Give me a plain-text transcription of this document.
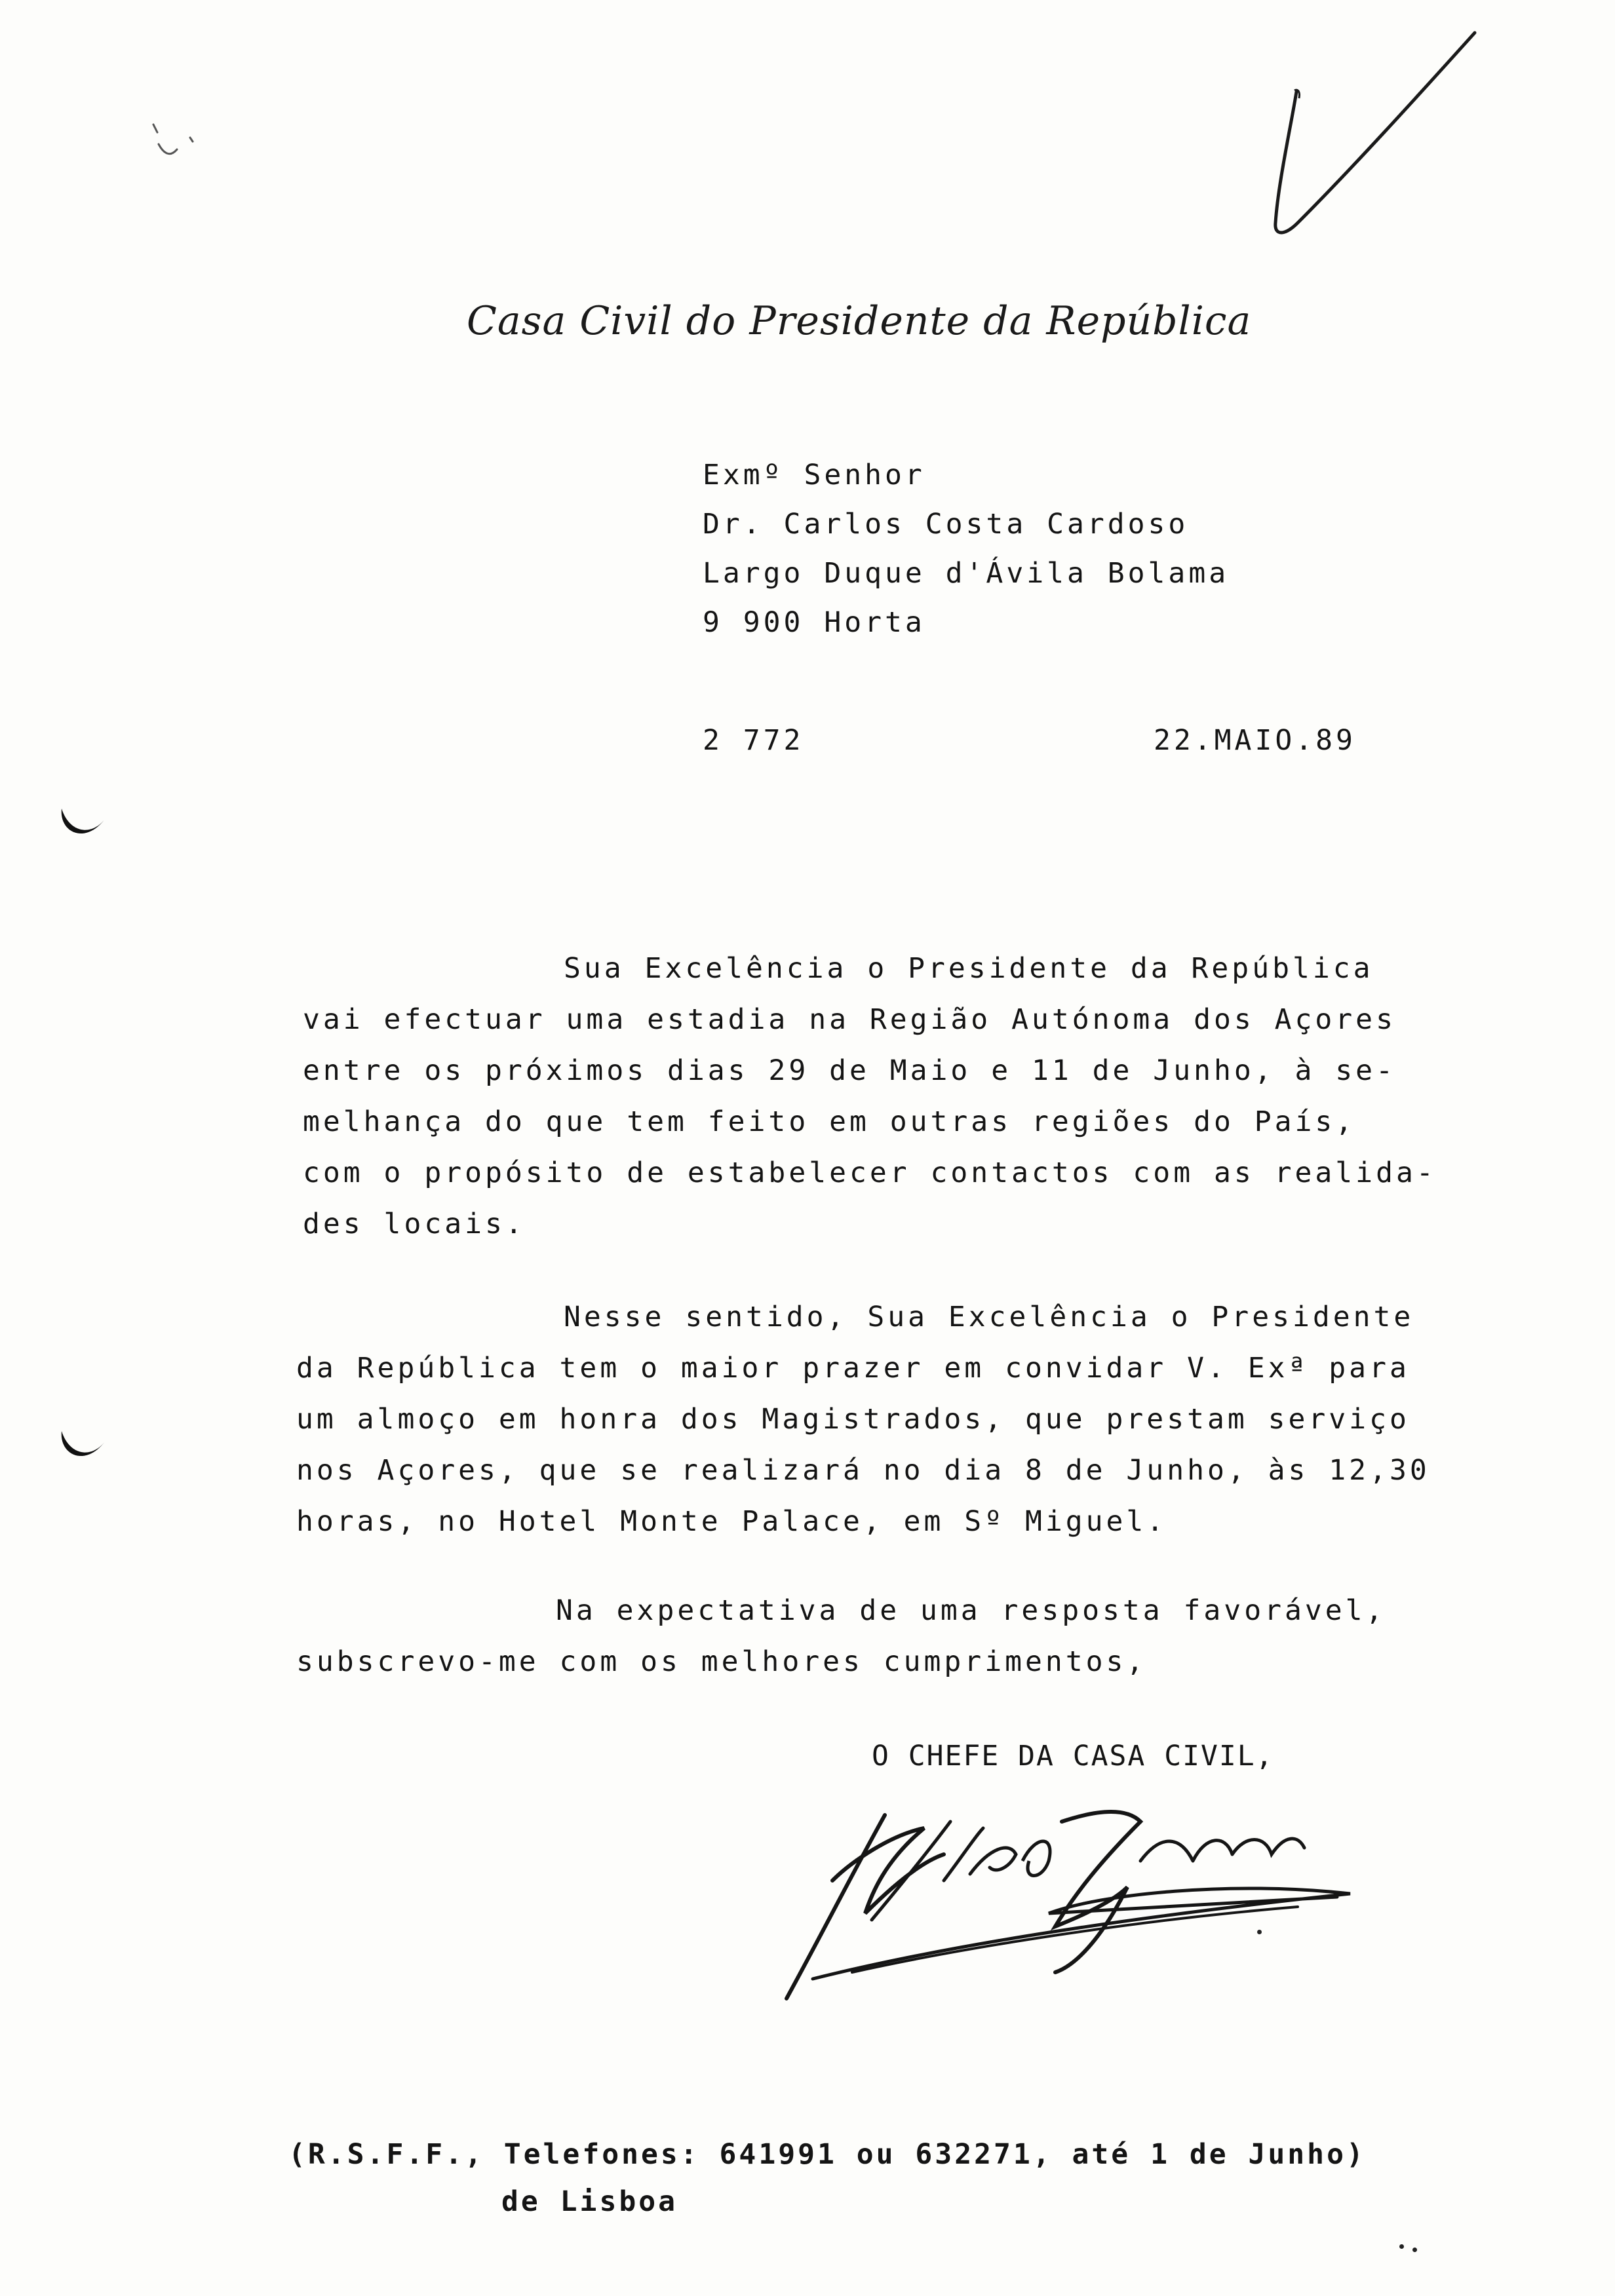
Casa Civil do Presidente da República
Exmº Senhor
Dr. Carlos Costa Cardoso
Largo Duque d'Ávila Bolama
9 900 Horta
2 772	22.MAIO.89
Sua Excelência o Presidente da República
vai efectuar uma estadia na Região Autónoma dos Açores
entre os próximos dias 29 de Maio e 11 de Junho, à se-
melhança do que tem feito em outras regiões do País,
com o propósito de estabelecer contactos com as realida-
des locais.
Nesse sentido, Sua Excelência o Presidente
da República tem o maior prazer em convidar V. Exª para
um almoço em honra dos Magistrados, que prestam serviço
nos Açores, que se realizará no dia 8 de Junho, às 12,30
horas, no Hotel Monte Palace, em Sº Miguel.
Na expectativa de uma resposta favorável,
subscrevo-me com os melhores cumprimentos,
O CHEFE DA CASA CIVIL,
(R.S.F.F., Telefones: 641991 ou 632271, até 1 de Junho)
de Lisboa
